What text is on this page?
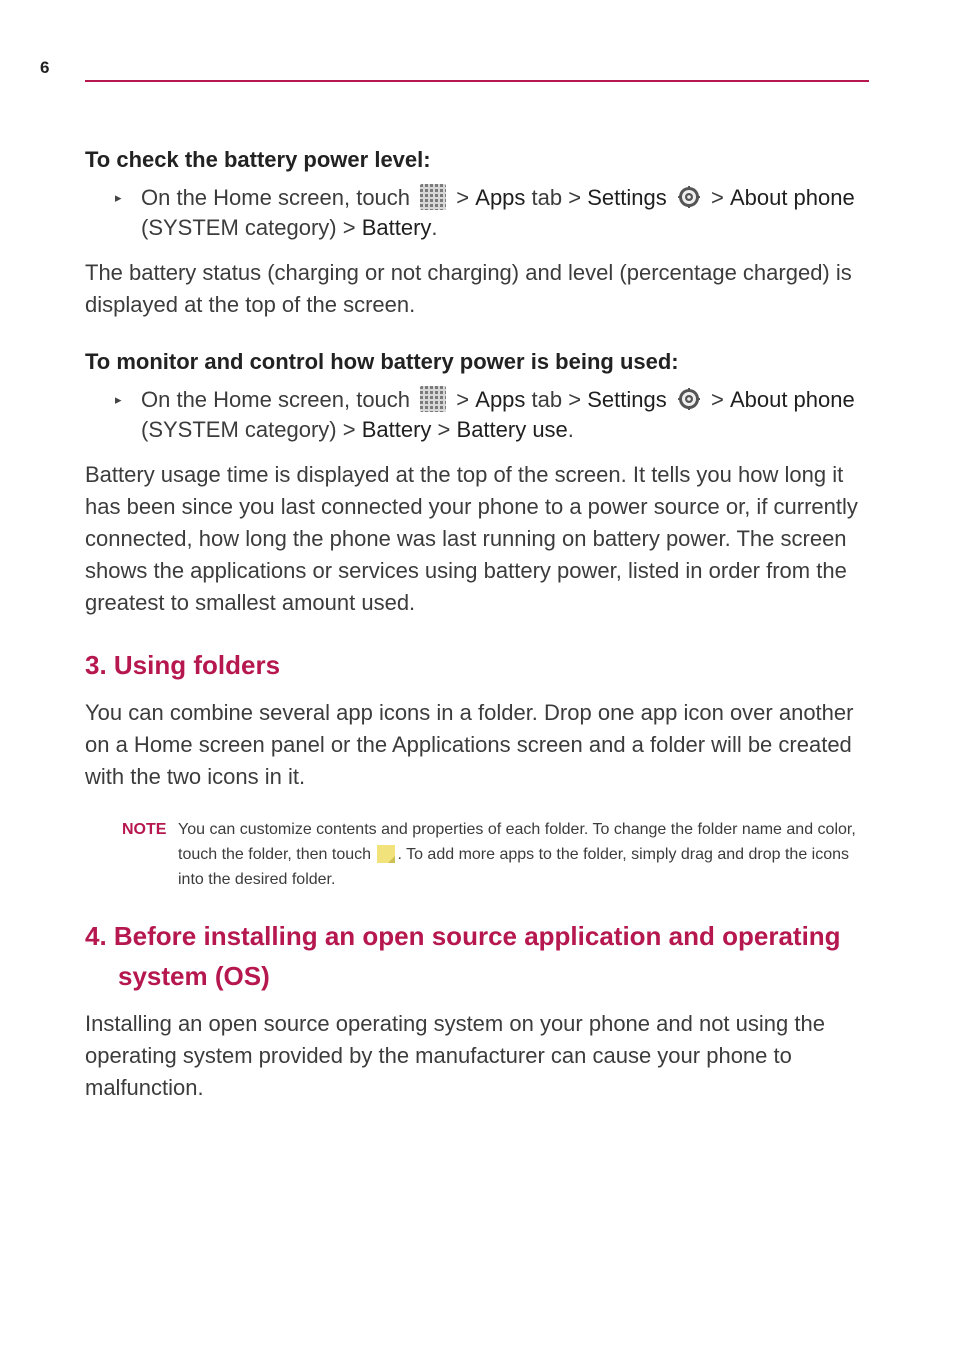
6
To check the battery power level:
▸ On the Home screen, touch > Apps tab > Settings > About phone (SYSTEM category) > Battery.

The battery status (charging or not charging) and level (percentage charged) is displayed at the top of the screen.

To monitor and control how battery power is being used:
▸ On the Home screen, touch > Apps tab > Settings > About phone (SYSTEM category) > Battery > Battery use.

Battery usage time is displayed at the top of the screen. It tells you how long it has been since you last connected your phone to a power source or, if currently connected, how long the phone was last running on battery power. The screen shows the applications or services using battery power, listed in order from the greatest to smallest amount used.

3. Using folders

You can combine several app icons in a folder. Drop one app icon over another on a Home screen panel or the Applications screen and a folder will be created with the two icons in it.

NOTE You can customize contents and properties of each folder. To change the folder name and color, touch the folder, then touch . To add more apps to the folder, simply drag and drop the icons into the desired folder.
4. Before installing an open source application and operating system (OS)

Installing an open source operating system on your phone and not using the operating system provided by the manufacturer can cause your phone to malfunction.
